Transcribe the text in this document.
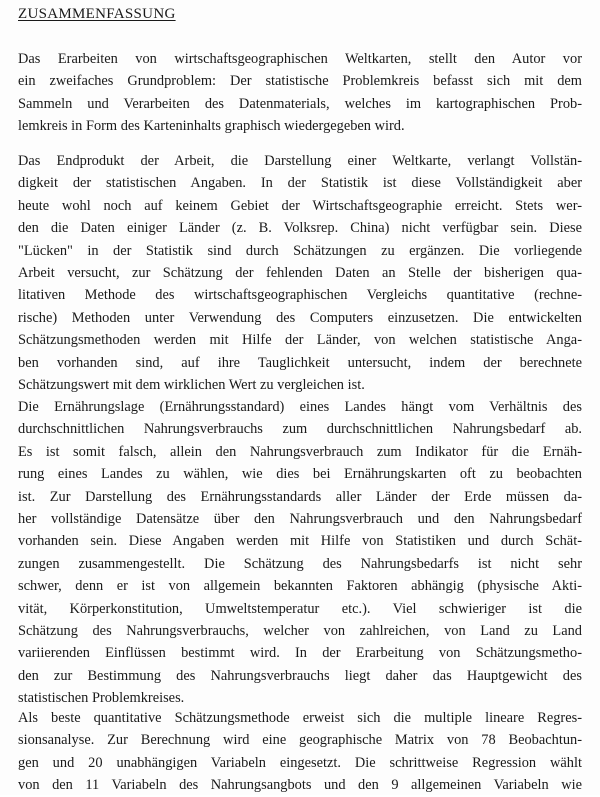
ZUSAMMENFASSUNG
Das Erarbeiten von wirtschaftsgeographischen Weltkarten, stellt den Autor vor
ein zweifaches Grundproblem: Der statistische Problemkreis befasst sich mit dem
Sammeln und Verarbeiten des Datenmaterials, welches im kartographischen Prob-
lemkreis in Form des Karteninhalts graphisch wiedergegeben wird.
Das Endprodukt der Arbeit, die Darstellung einer Weltkarte, verlangt Vollstän-
digkeit der statistischen Angaben. In der Statistik ist diese Vollständigkeit aber
heute wohl noch auf keinem Gebiet der Wirtschaftsgeographie erreicht. Stets wer-
den die Daten einiger Länder (z. B. Volksrep. China) nicht verfügbar sein. Diese
"Lücken" in der Statistik sind durch Schätzungen zu ergänzen. Die vorliegende
Arbeit versucht, zur Schätzung der fehlenden Daten an Stelle der bisherigen qua-
litativen Methode des wirtschaftsgeographischen Vergleichs quantitative (rechne-
rische) Methoden unter Verwendung des Computers einzusetzen. Die entwickelten
Schätzungsmethoden werden mit Hilfe der Länder, von welchen statistische Anga-
ben vorhanden sind, auf ihre Tauglichkeit untersucht, indem der berechnete
Schätzungswert mit dem wirklichen Wert zu vergleichen ist.
Die Ernährungslage (Ernährungsstandard) eines Landes hängt vom Verhältnis des
durchschnittlichen Nahrungsverbrauchs zum durchschnittlichen Nahrungsbedarf ab.
Es ist somit falsch, allein den Nahrungsverbrauch zum Indikator für die Ernäh-
rung eines Landes zu wählen, wie dies bei Ernährungskarten oft zu beobachten
ist. Zur Darstellung des Ernährungsstandards aller Länder der Erde müssen da-
her vollständige Datensätze über den Nahrungsverbrauch und den Nahrungsbedarf
vorhanden sein. Diese Angaben werden mit Hilfe von Statistiken und durch Schät-
zungen zusammengestellt. Die Schätzung des Nahrungsbedarfs ist nicht sehr
schwer, denn er ist von allgemein bekannten Faktoren abhängig (physische Akti-
vität, Körperkonstitution, Umweltstemperatur etc.). Viel schwieriger ist die
Schätzung des Nahrungsverbrauchs, welcher von zahlreichen, von Land zu Land
variierenden Einflüssen bestimmt wird. In der Erarbeitung von Schätzungsmetho-
den zur Bestimmung des Nahrungsverbrauchs liegt daher das Hauptgewicht des
statistischen Problemkreises.
Als beste quantitative Schätzungsmethode erweist sich die multiple lineare Regres-
sionsanalyse. Zur Berechnung wird eine geographische Matrix von 78 Beobachtun-
gen und 20 unabhängigen Variabeln eingesetzt. Die schrittweise Regression wählt
von den 11 Variabeln des Nahrungsangbots und den 9 allgemeinen Variabeln wie
